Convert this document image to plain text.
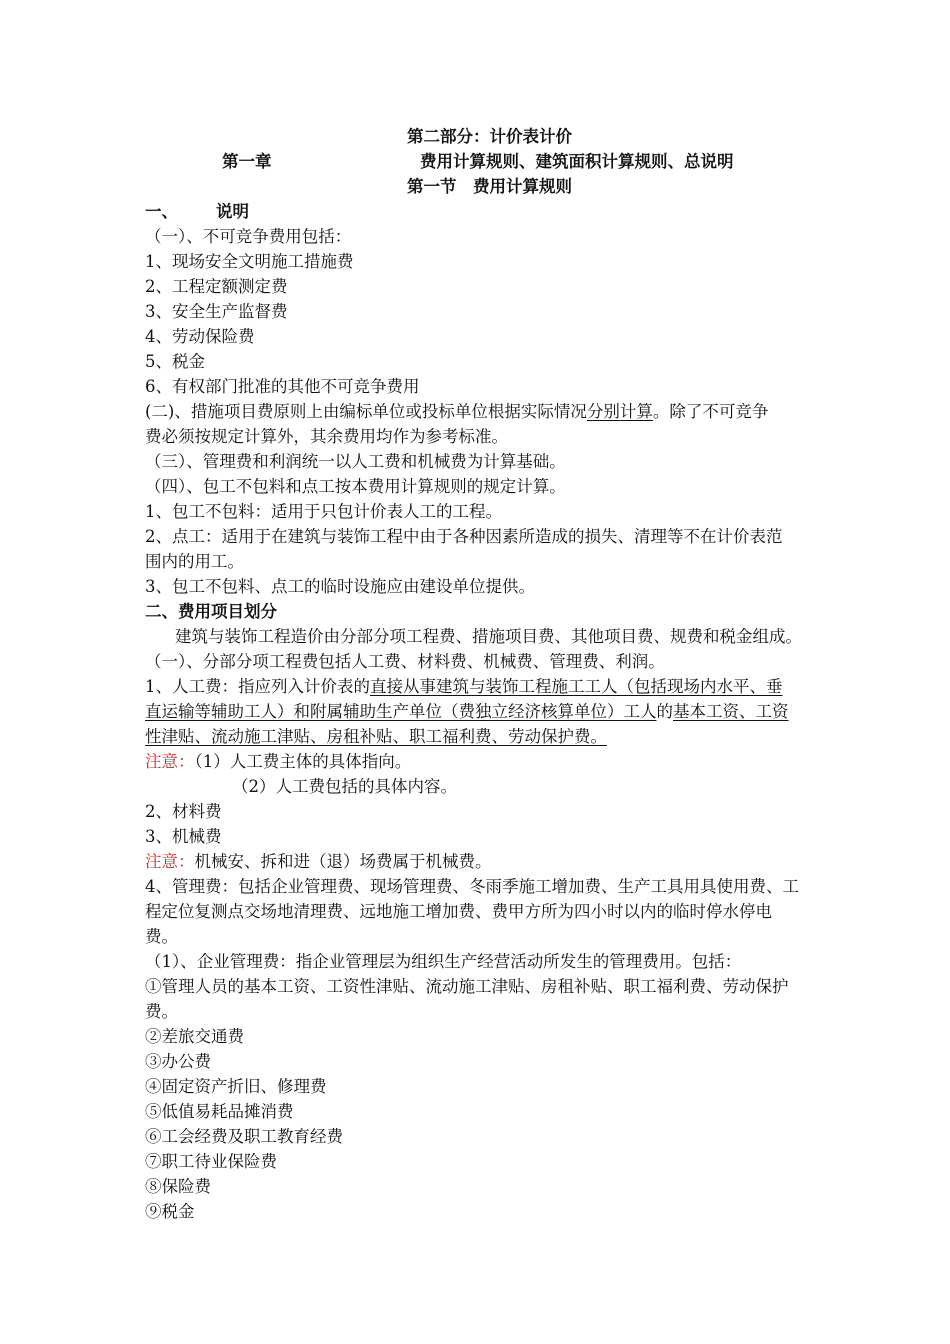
第二部分：计价表计价
第一章	费用计算规则、建筑面积计算规则、总说明
第一节　费用计算规则
一、 说明
（一）、不可竞争费用包括：
1、现场安全文明施工措施费
2、工程定额测定费
3、安全生产监督费
4、劳动保险费
5、税金
6、有权部门批准的其他不可竞争费用
(二)、措施项目费原则上由编标单位或投标单位根据实际情况分别计算。除了不可竞争
费必须按规定计算外，其余费用均作为参考标准。
（三）、管理费和利润统一以人工费和机械费为计算基础。
（四）、包工不包料和点工按本费用计算规则的规定计算。
1、包工不包料：适用于只包计价表人工的工程。
2、点工：适用于在建筑与装饰工程中由于各种因素所造成的损失、清理等不在计价表范
围内的用工。
3、包工不包料、点工的临时设施应由建设单位提供。
二、费用项目划分
建筑与装饰工程造价由分部分项工程费、措施项目费、其他项目费、规费和税金组成。
（一）、分部分项工程费包括人工费、材料费、机械费、管理费、利润。
1、人工费：指应列入计价表的直接从事建筑与装饰工程施工工人（包括现场内水平、垂
直运输等辅助工人）和附属辅助生产单位（费独立经济核算单位）工人的基本工资、工资
性津贴、流动施工津贴、房租补贴、职工福利费、劳动保护费。
注意：（1）人工费主体的具体指向。
（2）人工费包括的具体内容。
2、材料费
3、机械费
注意：机械安、拆和进（退）场费属于机械费。
4、管理费：包括企业管理费、现场管理费、冬雨季施工增加费、生产工具用具使用费、工
程定位复测点交场地清理费、远地施工增加费、费甲方所为四小时以内的临时停水停电
费。
（1）、企业管理费：指企业管理层为组织生产经营活动所发生的管理费用。包括：
①管理人员的基本工资、工资性津贴、流动施工津贴、房租补贴、职工福利费、劳动保护
费。
②差旅交通费
③办公费
④固定资产折旧、修理费
⑤低值易耗品摊消费
⑥工会经费及职工教育经费
⑦职工待业保险费
⑧保险费
⑨税金
